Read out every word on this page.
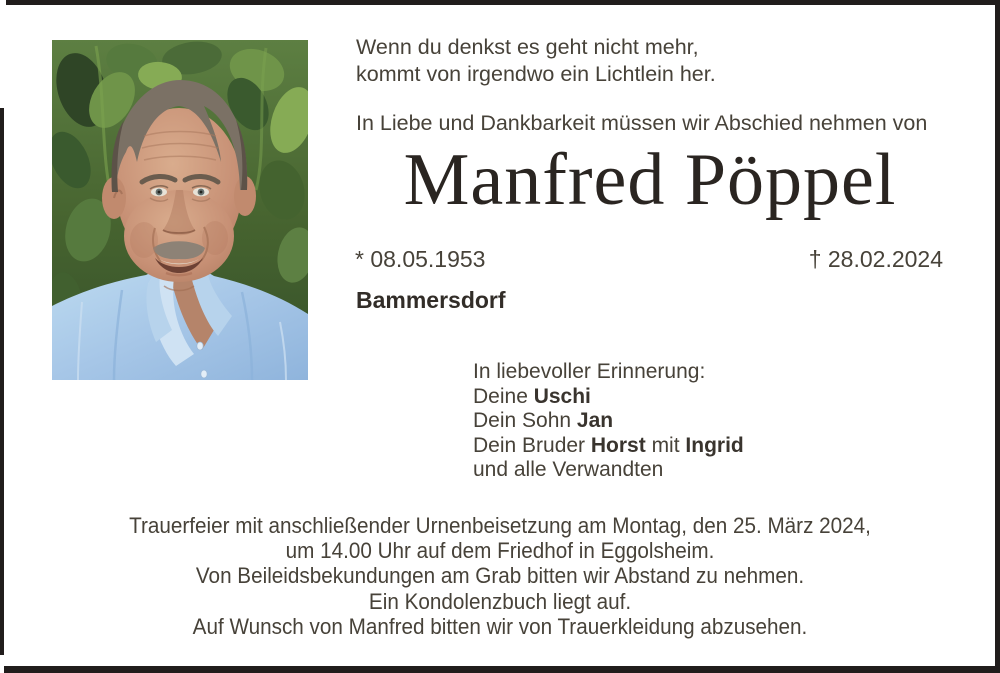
Wenn du denkst es geht nicht mehr,
kommt von irgendwo ein Lichtlein her.
In Liebe und Dankbarkeit müssen wir Abschied nehmen von
Manfred Pöppel
* 08.05.1953	† 28.02.2024
Bammersdorf
In liebevoller Erinnerung:
Deine Uschi
Dein Sohn Jan
Dein Bruder Horst mit Ingrid
und alle Verwandten
Trauerfeier mit anschließender Urnenbeisetzung am Montag, den 25. März 2024,
um 14.00 Uhr auf dem Friedhof in Eggolsheim.
Von Beileidsbekundungen am Grab bitten wir Abstand zu nehmen.
Ein Kondolenzbuch liegt auf.
Auf Wunsch von Manfred bitten wir von Trauerkleidung abzusehen.
